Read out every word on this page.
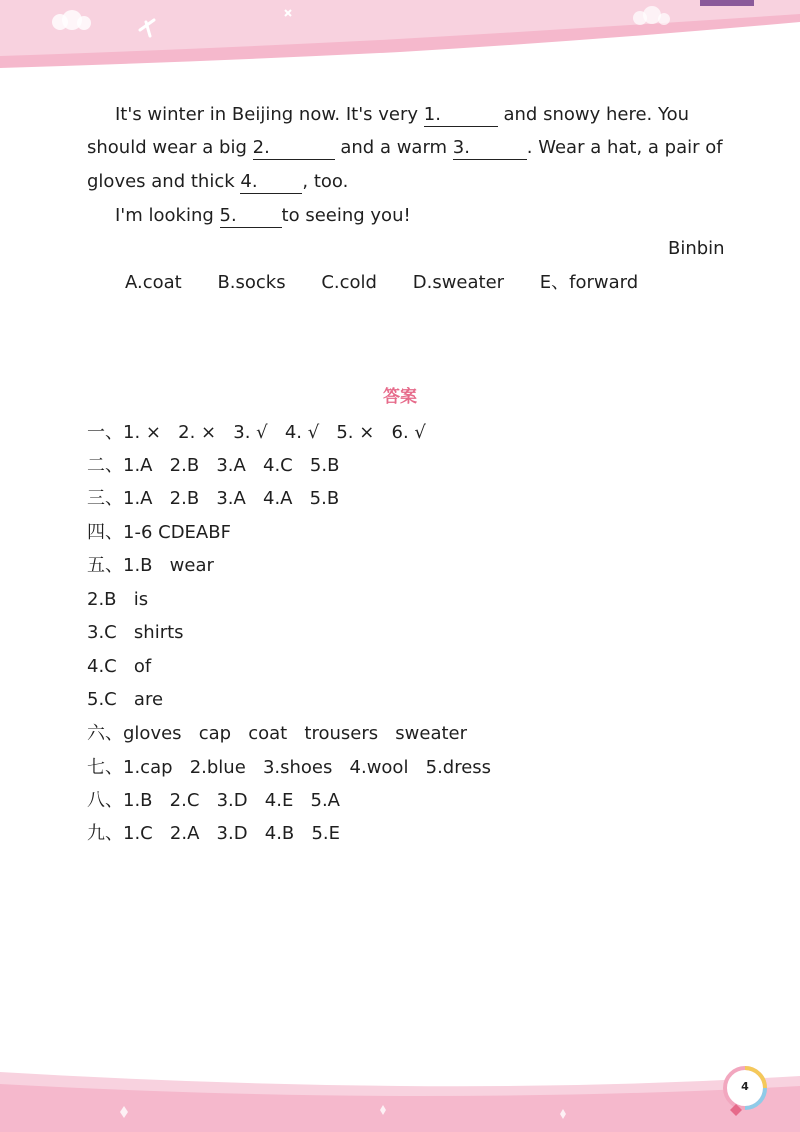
It's winter in Beijing now. It's very 1.	and snowy here. You
should wear a big 2.	and a warm 3.	. Wear a hat, a pair of
gloves and thick 4. , too.
I'm looking 5. to seeing you!
Binbin
A.coat B.socks C.cold D.sweater E、forward
答案
一、1. ×   2. ×   3. √   4. √   5. ×   6. √
二、1.A   2.B   3.A   4.C   5.B
三、1.A   2.B   3.A   4.A   5.B
四、1-6 CDEABF
五、1.B   wear
2.B   is
3.C   shirts
4.C   of
5.C   are
六、gloves   cap   coat   trousers   sweater
七、1.cap   2.blue   3.shoes   4.wool   5.dress
八、1.B   2.C   3.D   4.E   5.A
九、1.C   2.A   3.D   4.B   5.E
4
